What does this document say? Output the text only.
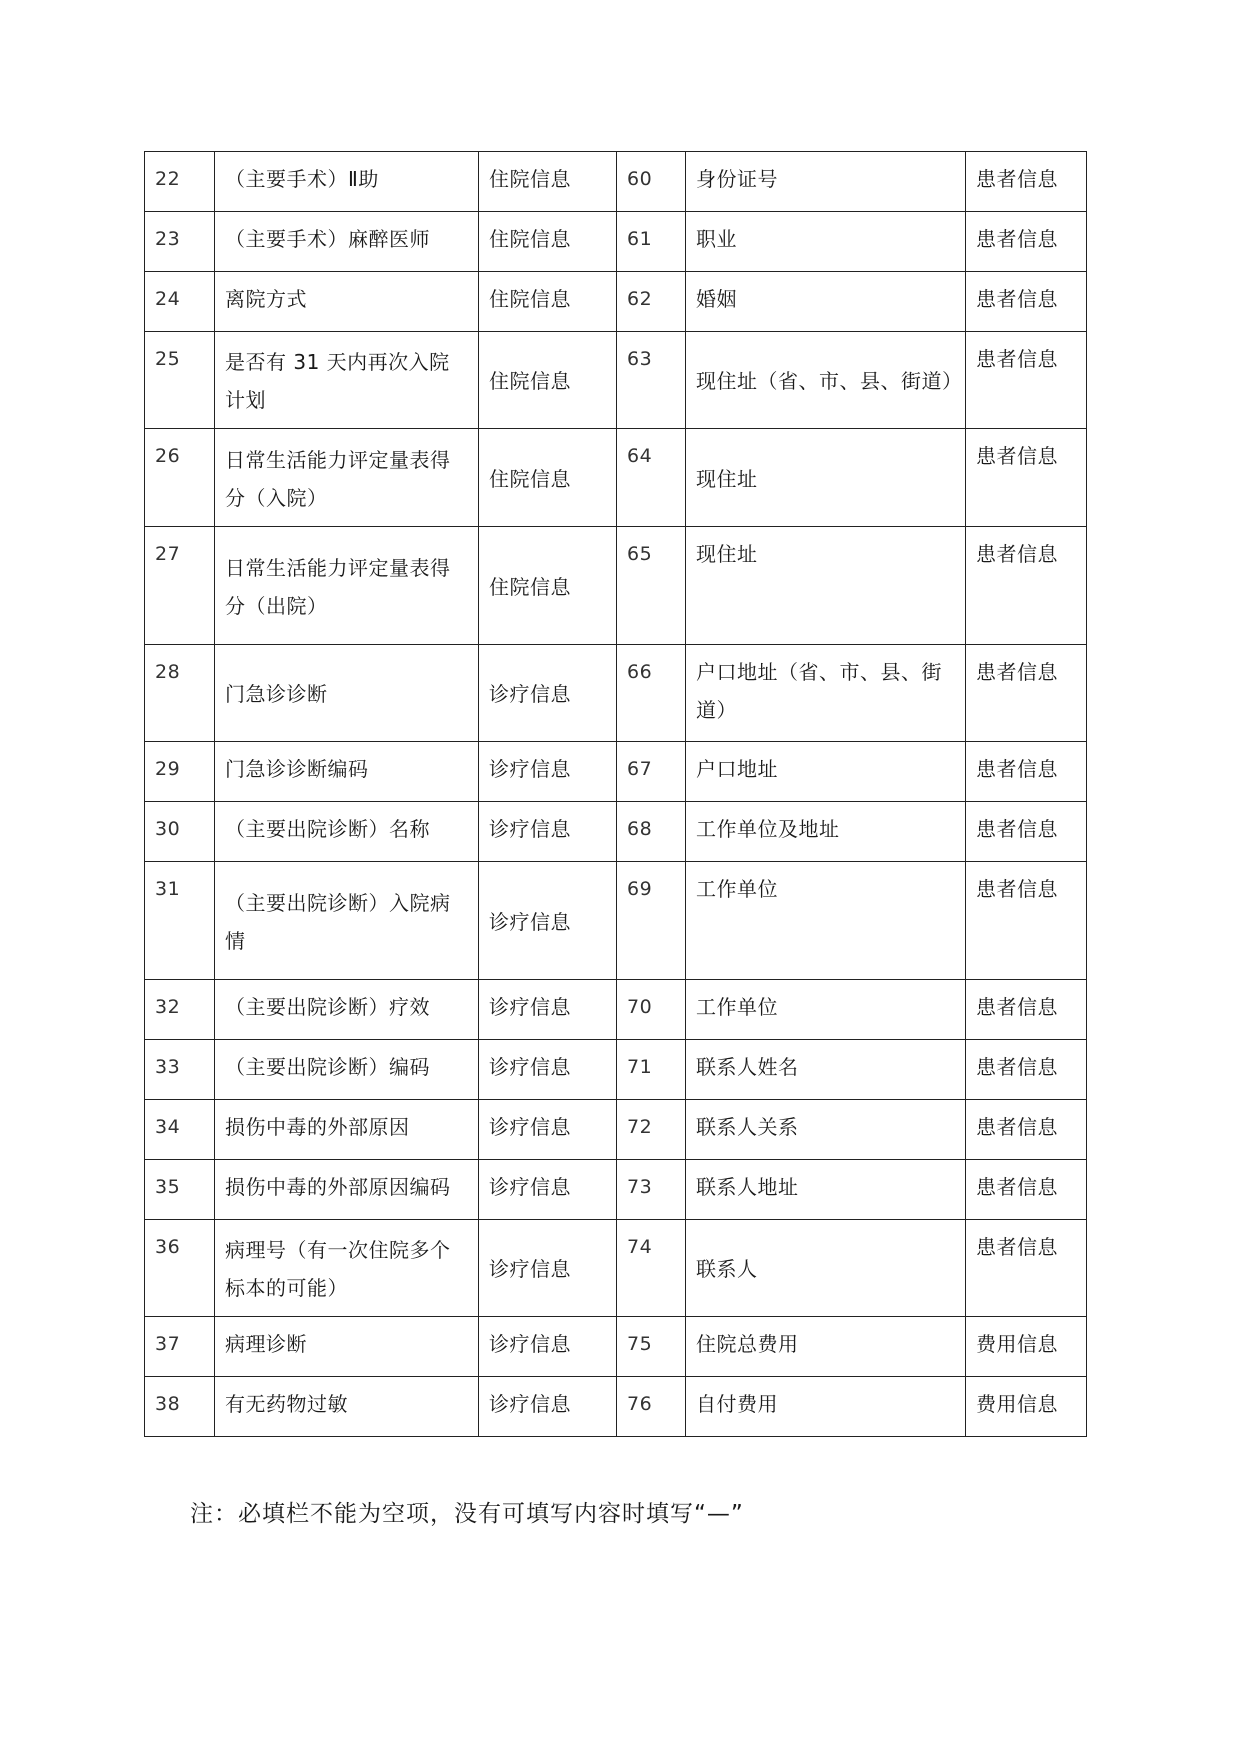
22	（主要手术）Ⅱ助	住院信息	60	身份证号	患者信息
23	（主要手术）麻醉医师	住院信息	61	职业	患者信息
24	离院方式	住院信息	62	婚姻	患者信息
25	是否有 31 天内再次入院计划	住院信息	63	现住址（省、市、县、街道）	患者信息
26	日常生活能力评定量表得分（入院）	住院信息	64	现住址	患者信息
27	日常生活能力评定量表得分（出院）	住院信息	65	现住址	患者信息
28	门急诊诊断	诊疗信息	66	户口地址（省、市、县、街道）	患者信息
29	门急诊诊断编码	诊疗信息	67	户口地址	患者信息
30	（主要出院诊断）名称	诊疗信息	68	工作单位及地址	患者信息
31	（主要出院诊断）入院病情	诊疗信息	69	工作单位	患者信息
32	（主要出院诊断）疗效	诊疗信息	70	工作单位	患者信息
33	（主要出院诊断）编码	诊疗信息	71	联系人姓名	患者信息
34	损伤中毒的外部原因	诊疗信息	72	联系人关系	患者信息
35	损伤中毒的外部原因编码	诊疗信息	73	联系人地址	患者信息
36	病理号（有一次住院多个标本的可能）	诊疗信息	74	联系人	患者信息
37	病理诊断	诊疗信息	75	住院总费用	费用信息
38	有无药物过敏	诊疗信息	76	自付费用	费用信息
注：必填栏不能为空项，没有可填写内容时填写“—”
